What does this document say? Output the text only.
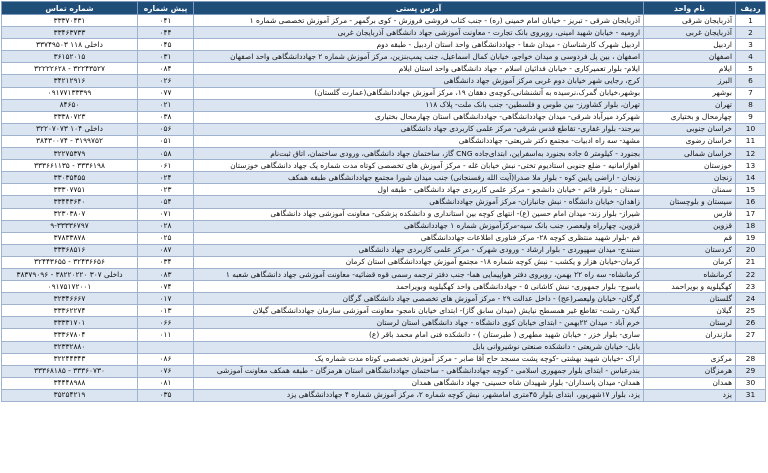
ردیف	نام واحد	آدرس پستی	پیش شماره	شماره تماس
1	آذربایجان شرقی	آذربایجان شرقی - تبریز - خیابان امام خمینی (ره) - جنب کتاب فروشی فروزش - کوی برگمهر - مرکز آموزش تخصصی شماره ۱	۰۴۱	۳۳۳۷۰۴۳۱
2	آذربایجان غربی	ارومیه - خیابان شهید امینی، روبروی بانک تجارت - معاونت آموزشی جهاد دانشگاهی آذربایجان غربی	۰۴۴	۳۳۴۶۳۷۳۳
3	اردبیل	اردبیل شهرک کارشناسان - میدان شفا - جهاددانشگاهی واحد استان اردبیل - طبقه دوم	۰۴۵	۳۳۷۴۹۵۰۳ داخلی ۱۱۸
4	اصفهان	اصفهان ، بین پل فردوسی و میدان خواجو، خیابان کمال اسماعیل، جنب پمپ‌بنزین، مرکز آموزش شماره ۲ جهاددانشگاهی واحد اصفهان	۰۳۱	۳۶۱۵۲۰۱۵
5	ایلام	ایلام- بلوار تعمیرکاری - خیابان فدائیان اسلام - جهاد دانشگاهی واحد استان ایلام	۰۸۴	۳۲۲۲۲۶۲۸ - ۳۲۲۴۳۵۲۷
6	البرز	کرج، رجایی شهر خیابان دوم غربی مرکز آموزش جهاد دانشگاهی	۰۲۶	۳۴۲۱۲۹۱۶
7	بوشهر	بوشهر،خیابان گمرک،نرسیده به آتشنشانی،کوچه‌ی دهقان ۱۹، مرکز آموزش جهاددانشگاهی(عمارت گلستان)	۰۷۷	۰۹۱۷۷۱۳۳۳۹۹
8	تهران	تهران، بلوار کشاورز- بین طوس و فلسطین- جنب بانک ملت- پلاک ۱۱۸	۰۲۱	۸۴۶۵۰
9	چهارمحال و بختیاری	شهرکرد میرآباد شرقی- میدان جهاددانشگاهی- جهاددانشگاهی استان چهارمحال بختیاری	۰۳۸	۳۳۳۸۰۷۲۳
10	خراسان جنوبی	بیرجند- بلوار غفاری- تقاطع قدس شرقی- مرکز علمی کاربردی جهاد دانشگاهی	۰۵۶	۳۲۲۰۷۰۷۳ داخلی ۱۰۴
11	خراسان رضوی	مشهد- سه راه ادبیات- مجتمع دکتر شریعتی- جهاددانشگاهی	۰۵۱	۳۸۴۳۰۰۷۴ - ۳۱۹۹۷۵۲
12	خراسان شمالی	بجنورد - کیلومتر ۵ جاده بجنورد به‌اسفراین، ابتدای‌جاده CNG گاز، ساختمان جهاد دانشگاهی، ورودی ساختمان، اتاق ثبت‌نام	۰۵۸	۳۲۲۷۵۳۷۹
13	خوزستان	اهوازامانیه - ضلع جنوبی استادیوم تختی- نبش خیابان غله - مرکز آموزش های تخصصی کوتاه مدت شماره یک جهاد دانشگاهی خوزستان	۰۶۱	۳۳۳۶۶۱۱۳۵ - ۳۳۳۶۱۹۸
14	زنجان	زنجان - اراضی پایین کوه - بلوار ملا صدرا(آیت الله رفسنجانی) جنب میدان شورا مجتمع جهاددانشگاهی طبقه همکف	۰۲۴	۳۳۰۳۵۴۵۵
15	سمنان	سمنان - بلوار قائم - خیابان دانشجو - مرکز علمی کاربردی جهاد دانشگاهی - طبقه اول	۰۲۳	۳۳۳۰۷۷۵۱
16	سیستان و بلوچستان	زاهدان- خیابان دانشگاه - نبش جانبازان- مرکز آموزش جهاددانشگاهی	۰۵۴	۳۳۴۴۳۶۴۰
17	فارس	شیراز- بلوار زند- میدان امام حسین (ع)- انتهای کوچه بین استانداری و دانشکده پزشکی- معاونت آموزشی جهاد دانشگاهی	۰۷۱	۳۲۳۰۳۸۰۷
18	قزوین	قزوین، چهارراه ولیعصر، جنب بانک سپه-مرکزآموزش شماره ۱ جهاددانشگاهی	۰۲۸	۹-۳۳۳۳۶۷۹۷
19	قم	قم -بلوار شهید منتظری کوچه ۲۸- مرکز فناوری اطلاعات جهاددانشگاهی	۰۲۵	۳۷۸۳۳۸۷۸
20	کردستان	سنندج- میدان سهپوردی - بلوار ارشاد - ورودی شهرک - مرکز علمی کاربردی جهاد دانشگاهی	۰۸۷	۳۳۳۶۸۵۱۶
21	کرمان	کرمان-خیابان هزار و یکشب - نبش کوچه شماره ۱۸- مجتمع آموزش جهاددانشگاهی استان کرمان	۰۳۴	۳۲۴۴۳۶۵۵ - ۳۲۴۳۶۶۵۶
22	کرمانشاه	کرمانشاه- سه راه ۲۲ بهمن، روبروی دفتر هواپیمایی هما- جنب دفتر ترجمه رسمی قوه قضائیه- معاونت آموزشی جهاد دانشگاهی شعبه ۱	۰۸۳	۳۸۳۷۹۰۹۶ - ۳۸۲۲۰۲۲۰ داخلی ۳۰۷
23	کهگیلویه و بویراحمد	یاسوج- بلوار جمهوری- نبش کاشانی ۵ - جهاددانشگاهی واحد کهگیلویه وبویراحمد	۰۷۴	۰۹۱۷۵۱۷۲۰۰۱
24	گلستان	گرگان- خیابان ولیعصر(عج) - داخل عدالت ۲۹ - مرکز آموزش های تخصصی جهاد دانشگاهی گرگان	۰۱۷	۳۲۳۴۶۶۶۷
25	گیلان	گیلان- رشت- تقاطع غیر همسطح نیایش (میدان سابق گاز)- ابتدای خیابان نامجو- معاونت آموزشی سازمان جهاددانشگاهی گیلان	۰۱۳	۳۳۳۶۲۲۷۴
26	لرستان	خرم آباد - میدان ۲۲بهمن - ابتدای خیابان کوی دانشگاه - جهاد دانشگاهی استان لرستان	۰۶۶	۳۳۳۳۱۷۰۱
27	مازندران	ساری- بلوار خزر - خیابان شهید مطهری ( طبرستان ) - دانشکده فنی امام محمد باقر (ع)	۰۱۱	۳۳۳۶۷۸۰۴
		بابل- خیابان شریعتی - دانشکده صنعتی نوشیروانی بابل		۳۲۳۳۲۸۸۰
28	مرکزی	اراک -خیابان شهید بهشتی -کوچه پشت مسجد حاج آقا صابر - مرکز آموزش تخصصی کوتاه مدت شماره یک	۰۸۶	۳۲۲۴۴۳۴۳
29	هرمزگان	بندرعباس - ابتدای بلوار جمهوری اسلامی - کوچه جهاددانشگاهی - ساختمان جهاددانشگاهی استان هرمزگان - طبقه همکف معاونت آموزشی	۰۷۶	۳۳۳۶۸۱۸۵ - ۳۳۳۶۰۷۳۰
30	همدان	همدان- میدان پاسداران- بلوار شهیدان شاه حسینی- جهاد دانشگاهی همدان	۰۸۱	۳۴۴۴۸۹۸۸
31	یزد	یزد، بلوار ۱۷شهریور، ابتدای بلوار ۴۵متری امامشهر، نبش کوچه شماره ۲، مرکز آموزش شماره ۴ جهاددانشگاهی یزد	۰۳۵	۳۵۲۵۴۲۱۹
